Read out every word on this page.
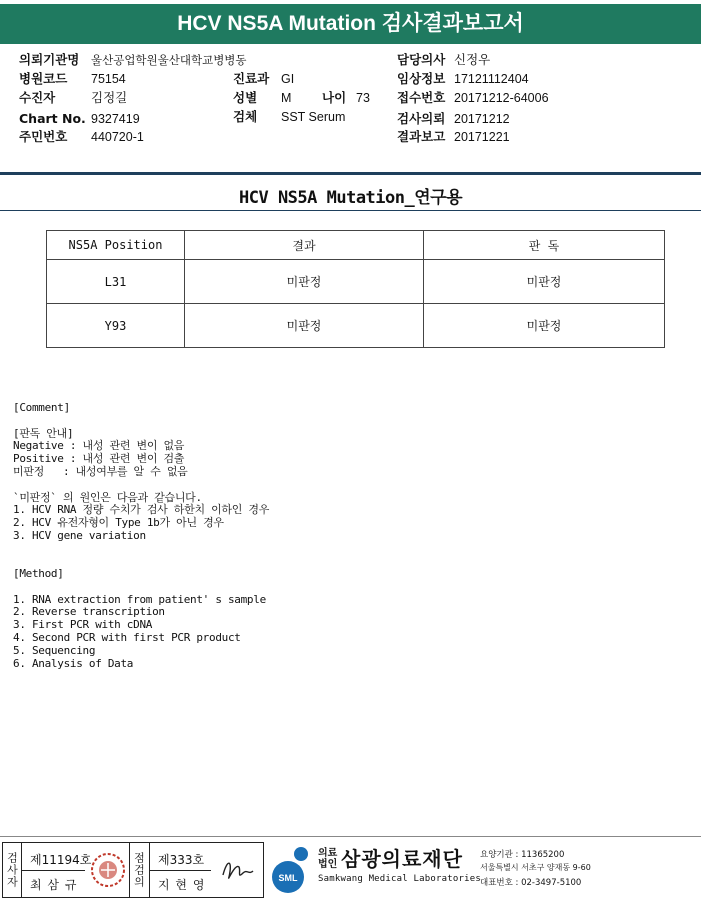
HCV NS5A Mutation 검사결과보고서
의뢰기관명 울산공업학원울산대학교병병동
병원코드 75154
수진자	김정길
Chart No. 9327419
주민번호 440720-1
진료과 GI
성별 M 나이 73
검체 SST Serum
담당의사 신정우
임상정보 17121112404
접수번호 20171212-64006
검사의뢰 20171212
결과보고 20171221
HCV NS5A Mutation_연구용
NS5A Position	결과	판 독
L31	미판정	미판정
Y93	미판정	미판정
[Comment]

[판독 안내]
Negative : 내성 관련 변이 없음
Positive : 내성 관련 변이 검출
미판정   : 내성여부를 알 수 없음

`미판정` 의 원인은 다음과 같습니다.
1. HCV RNA 정량 수치가 검사 하한치 이하인 경우
2. HCV 유전자형이 Type 1b가 아닌 경우
3. HCV gene variation
[Method]

1. RNA extraction from patient' s sample
2. Reverse transcription
3. First PCR with cDNA
4. Second PCR with first PCR product
5. Sequencing
6. Analysis of Data
검사자 제11194호
최 삼 규	점검의 제333호
지 현 영	SML
의료
법인 삼광의료재단
Samkwang Medical Laboratories
요양기관 : 11365200
서울특별시 서초구 양재동 9-60
대표번호 : 02-3497-5100
